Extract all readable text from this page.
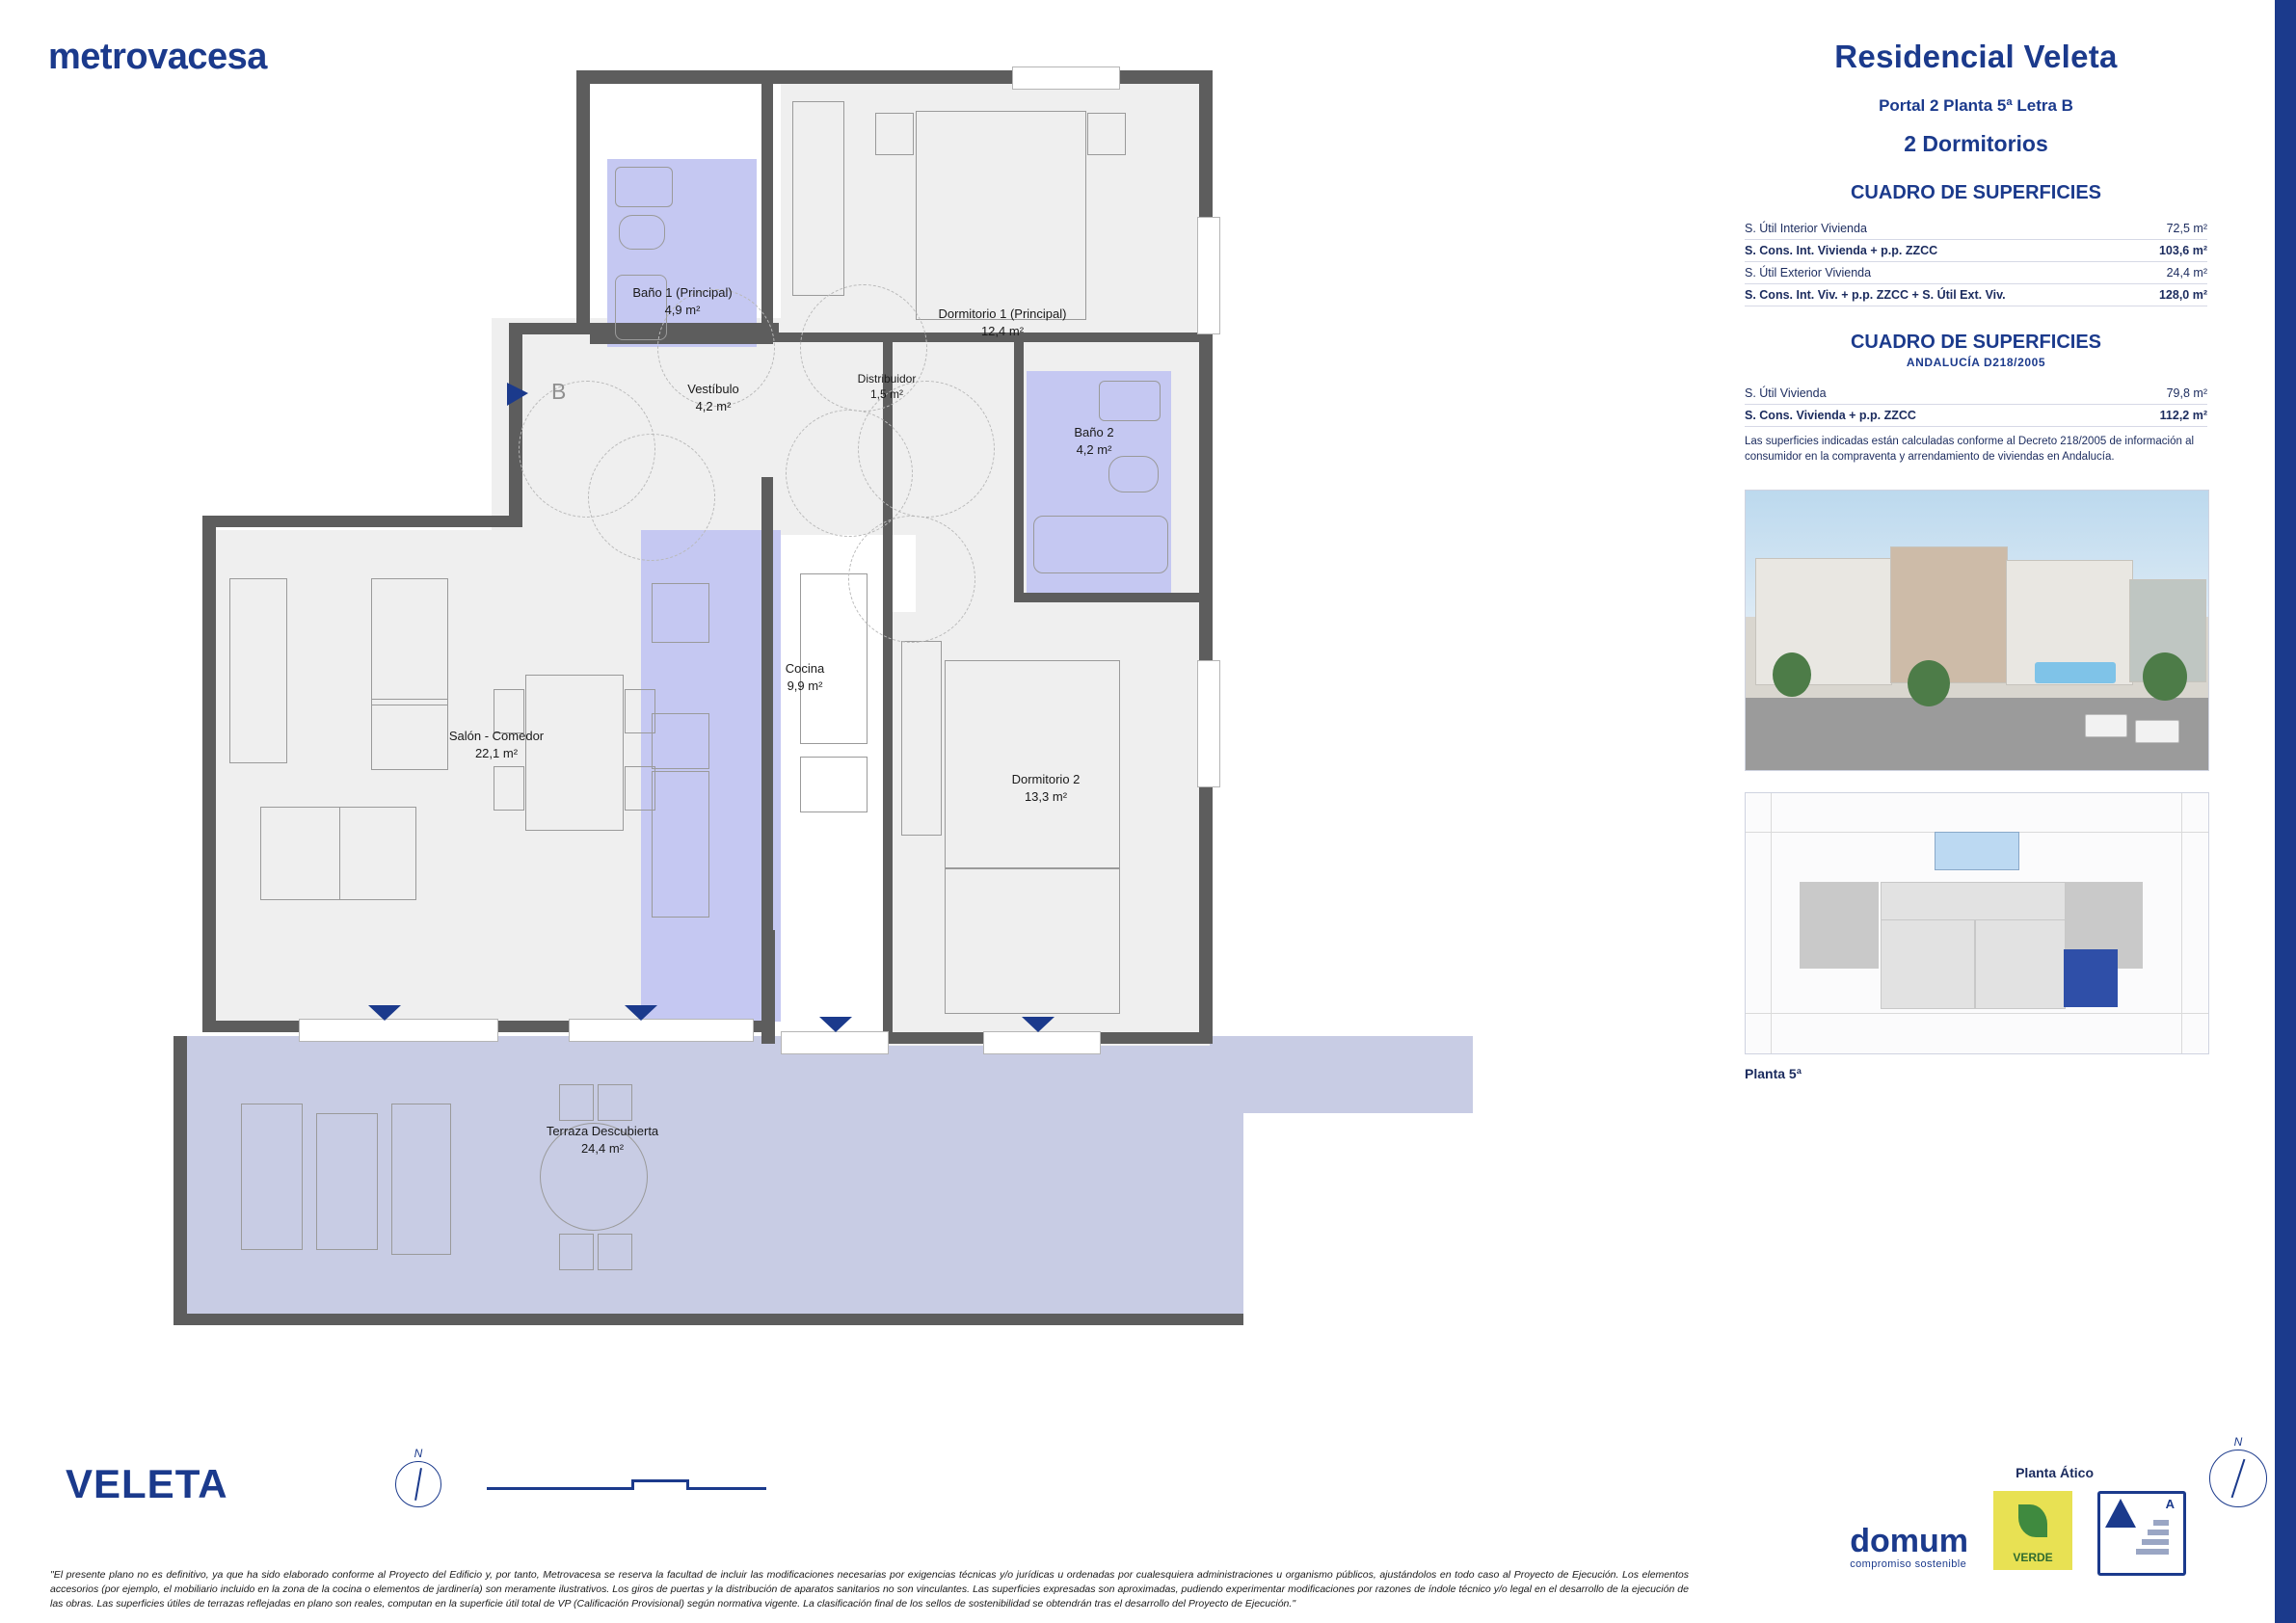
metrovacesa
B
Baño 1 (Principal)
4,9 m²	Dormitorio 1 (Principal)
12,4 m²
Vestíbulo
4,2 m²
Distribuidor
1,5 m²
Baño 2
4,2 m²
Cocina
9,9 m²
Salón - Comedor
22,1 m²
Dormitorio 2
13,3 m²
Terraza Descubierta
24,4 m²
Residencial Veleta
Portal 2 Planta 5ª Letra B
2 Dormitorios
CUADRO DE SUPERFICIES
S. Útil Interior Vivienda	72,5 m²
S. Cons. Int. Vivienda + p.p. ZZCC	103,6 m²
S. Útil Exterior Vivienda	24,4 m²
S. Cons. Int. Viv. + p.p. ZZCC + S. Útil Ext. Viv.	128,0 m²
CUADRO DE SUPERFICIES
ANDALUCÍA D218/2005
S. Útil Vivienda	79,8 m²
S. Cons. Vivienda + p.p. ZZCC	112,2 m²
Las superficies indicadas están calculadas conforme al Decreto 218/2005 de información al consumidor en la compraventa y arrendamiento de viviendas en Andalucía.
Planta 5ª
N
VELETA
N
Planta Ático
domum
compromiso sostenible	VERDE
A
"El presente plano no es definitivo, ya que ha sido elaborado conforme al Proyecto del Edificio y, por tanto, Metrovacesa se reserva la facultad de incluir las modificaciones necesarias por exigencias técnicas y/o jurídicas u ordenadas por cualesquiera administraciones u organismo públicos, ajustándolos en todo caso al Proyecto de Ejecución. Los elementos accesorios (por ejemplo, el mobiliario incluido en la zona de la cocina o elementos de jardinería) son meramente ilustrativos. Los giros de puertas y la distribución de aparatos sanitarios no son vinculantes. Las superficies expresadas son aproximadas, pudiendo experimentar modificaciones por razones de índole técnico y/o legal en el desarrollo de la ejecución de las obras. Las superficies útiles de terrazas reflejadas en plano son reales, computan en la superficie útil total de VP (Calificación Provisional) según normativa vigente. La clasificación final de los sellos de sostenibilidad se obtendrán tras el desarrollo del Proyecto de Ejecución."
